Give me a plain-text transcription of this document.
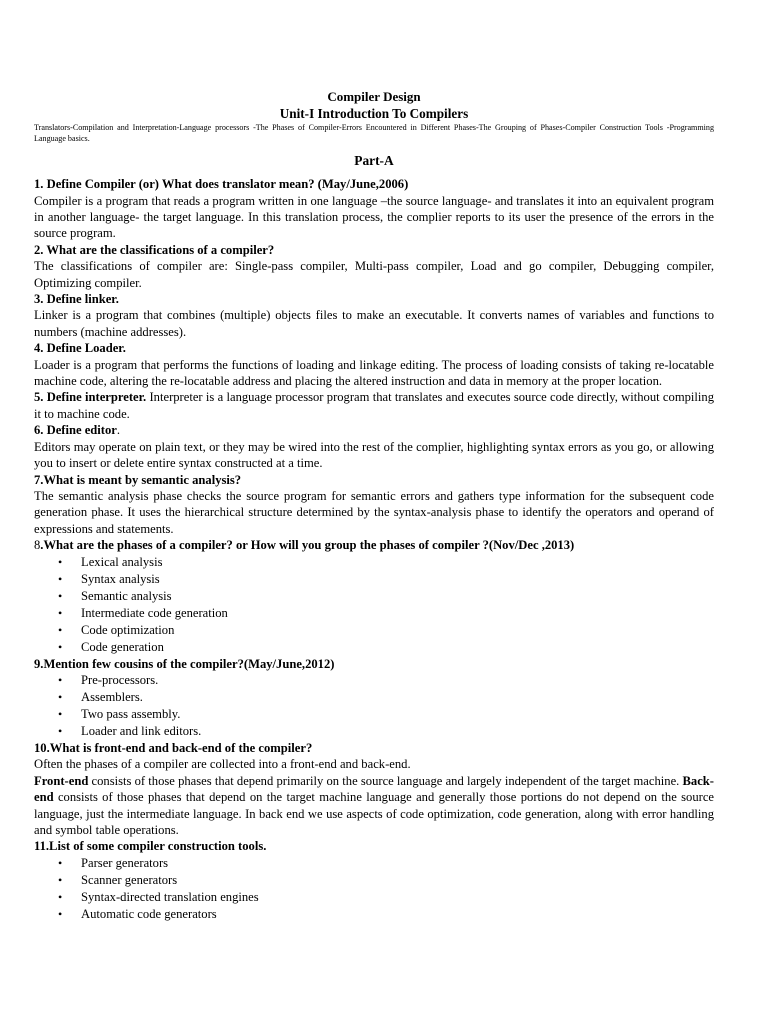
Compiler Design
Unit-I Introduction To Compilers
Translators-Compilation and Interpretation-Language processors -The Phases of Compiler-Errors Encountered in Different Phases-The Grouping of Phases-Compiler Construction Tools -Programming Language basics.
Part-A
1. Define Compiler (or) What does translator mean? (May/June,2006)
Compiler is a program that reads a program written in one language –the source language- and translates it into an equivalent program in another language- the target language. In this translation process, the complier reports to its user the presence of the errors in the source program.
2. What are the classifications of a compiler?
The classifications of compiler are: Single-pass compiler, Multi-pass compiler, Load and go compiler, Debugging compiler, Optimizing compiler.
3. Define linker.
Linker is a program that combines (multiple) objects files to make an executable. It converts names of variables and functions to numbers (machine addresses).
4. Define Loader.
Loader is a program that performs the functions of loading and linkage editing. The process of loading consists of taking re-locatable machine code, altering the re-locatable address and placing the altered instruction and data in memory at the proper location.
5. Define interpreter. Interpreter is a language processor program that translates and executes source code directly, without compiling it to machine code.
6. Define editor.
Editors may operate on plain text, or they may be wired into the rest of the complier, highlighting syntax errors as you go, or allowing you to insert or delete entire syntax constructed at a time.
7.What is meant by semantic analysis?
The semantic analysis phase checks the source program for semantic errors and gathers type information for the subsequent code generation phase. It uses the hierarchical structure determined by the syntax-analysis phase to identify the operators and operand of expressions and statements.
8.What are the phases of a compiler? or How will you group the phases of compiler ?(Nov/Dec ,2013)
• Lexical analysis
• Syntax analysis
• Semantic analysis
• Intermediate code generation
• Code optimization
• Code generation
9.Mention few cousins of the compiler?(May/June,2012)
• Pre-processors.
• Assemblers.
• Two pass assembly.
• Loader and link editors.
10.What is front-end and back-end of the compiler?
Often the phases of a compiler are collected into a front-end and back-end.
Front-end consists of those phases that depend primarily on the source language and largely independent of the target machine. Back-end consists of those phases that depend on the target machine language and generally those portions do not depend on the source language, just the intermediate language. In back end we use aspects of code optimization, code generation, along with error handling and symbol table operations.
11.List of some compiler construction tools.
• Parser generators
• Scanner generators
• Syntax-directed translation engines
• Automatic code generators
